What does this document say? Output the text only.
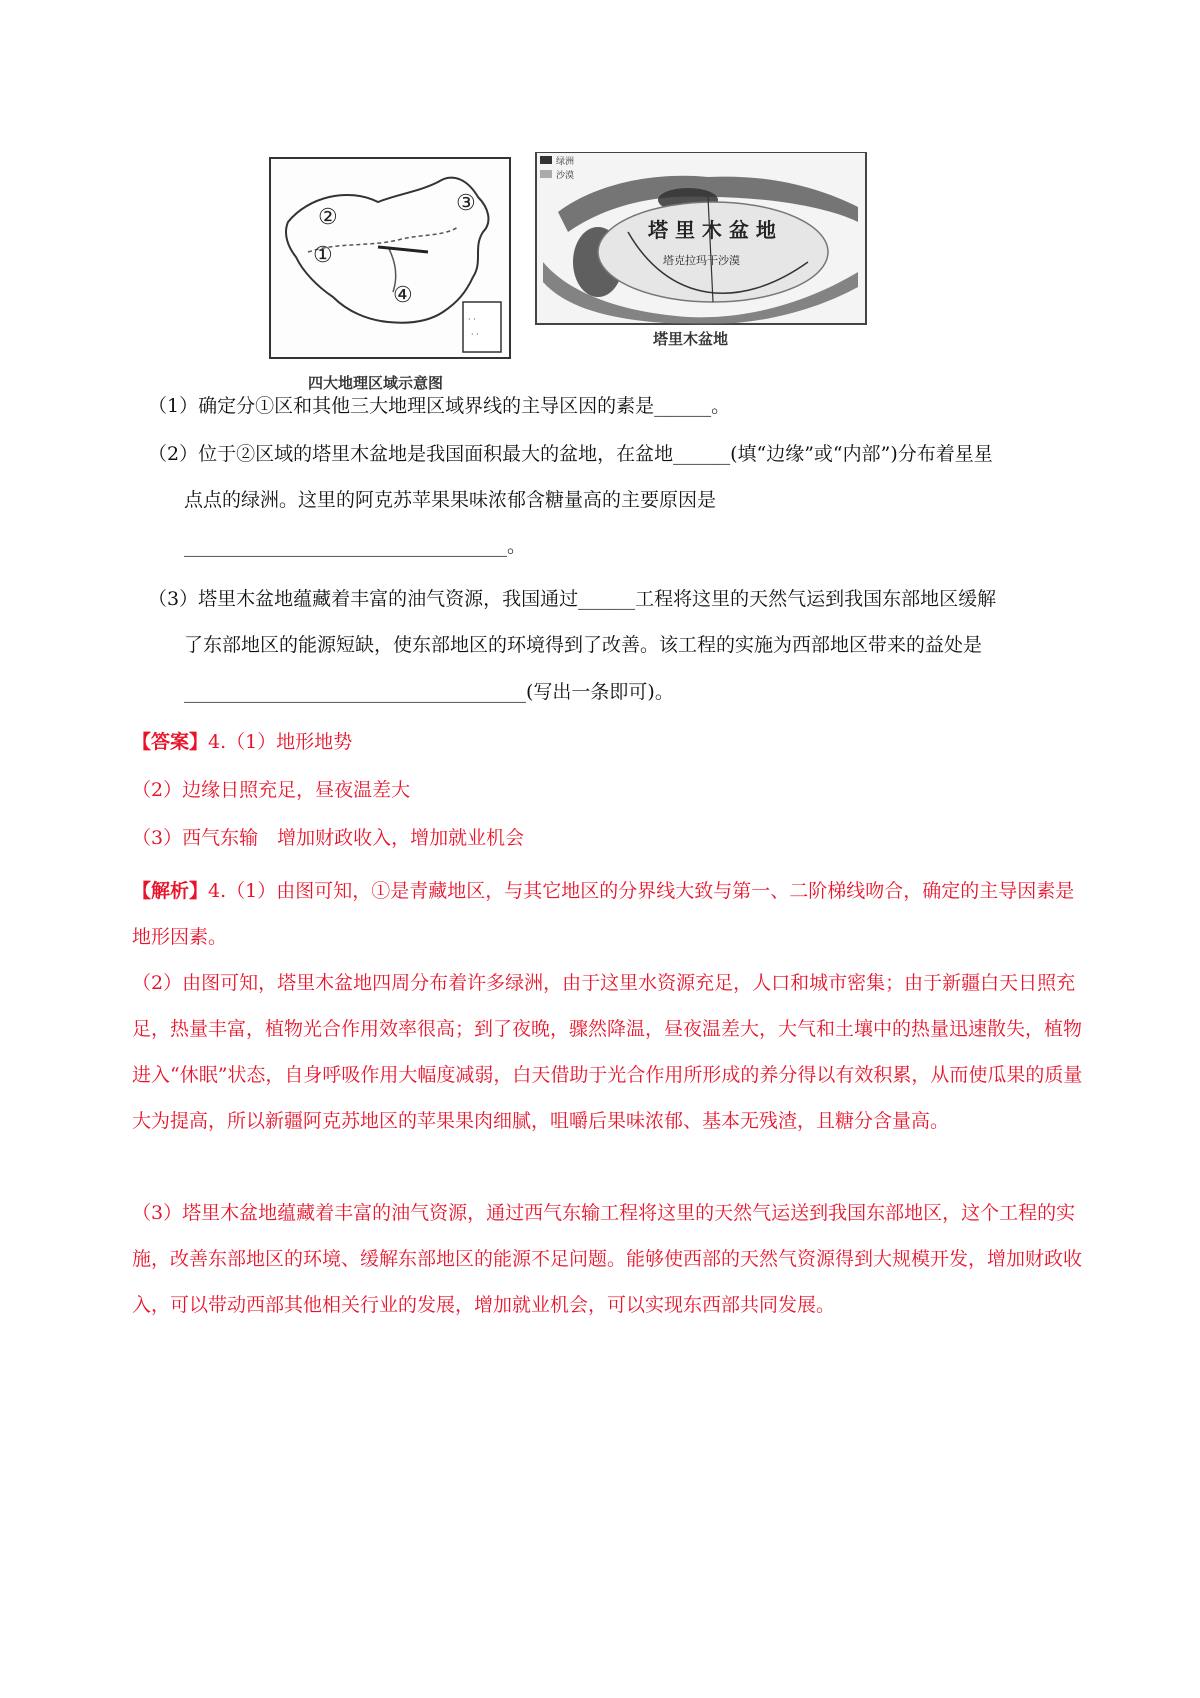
· ·
· ·
②
③
①
④
绿洲
沙漠
塔 里 木 盆 地
塔克拉玛干沙漠
四大地理区域示意图
塔里木盆地
（1）确定分①区和其他三大地理区域界线的主导区因的素是______。
（2）位于②区域的塔里木盆地是我国面积最大的盆地，在盆地______(填“边缘”或“内部”)分布着星星
点点的绿洲。这里的阿克苏苹果果味浓郁含糖量高的主要原因是
__________________________________。
（3）塔里木盆地蕴藏着丰富的油气资源，我国通过______工程将这里的天然气运到我国东部地区缓解
了东部地区的能源短缺，使东部地区的环境得到了改善。该工程的实施为西部地区带来的益处是
____________________________________(写出一条即可)。
【答案】4.（1）地形地势
（2）边缘日照充足，昼夜温差大
（3）西气东输　增加财政收入，增加就业机会
【解析】4.（1）由图可知，①是青藏地区，与其它地区的分界线大致与第一、二阶梯线吻合，确定的主导因素是地形因素。
（2）由图可知，塔里木盆地四周分布着许多绿洲，由于这里水资源充足，人口和城市密集；由于新疆白天日照充足，热量丰富，植物光合作用效率很高；到了夜晚，骤然降温，昼夜温差大，大气和土壤中的热量迅速散失，植物进入“休眠”状态，自身呼吸作用大幅度减弱，白天借助于光合作用所形成的养分得以有效积累，从而使瓜果的质量大为提高，所以新疆阿克苏地区的苹果果肉细腻，咀嚼后果味浓郁、基本无残渣，且糖分含量高。
（3）塔里木盆地蕴藏着丰富的油气资源，通过西气东输工程将这里的天然气运送到我国东部地区，这个工程的实施，改善东部地区的环境、缓解东部地区的能源不足问题。能够使西部的天然气资源得到大规模开发，增加财政收入，可以带动西部其他相关行业的发展，增加就业机会，可以实现东西部共同发展。
